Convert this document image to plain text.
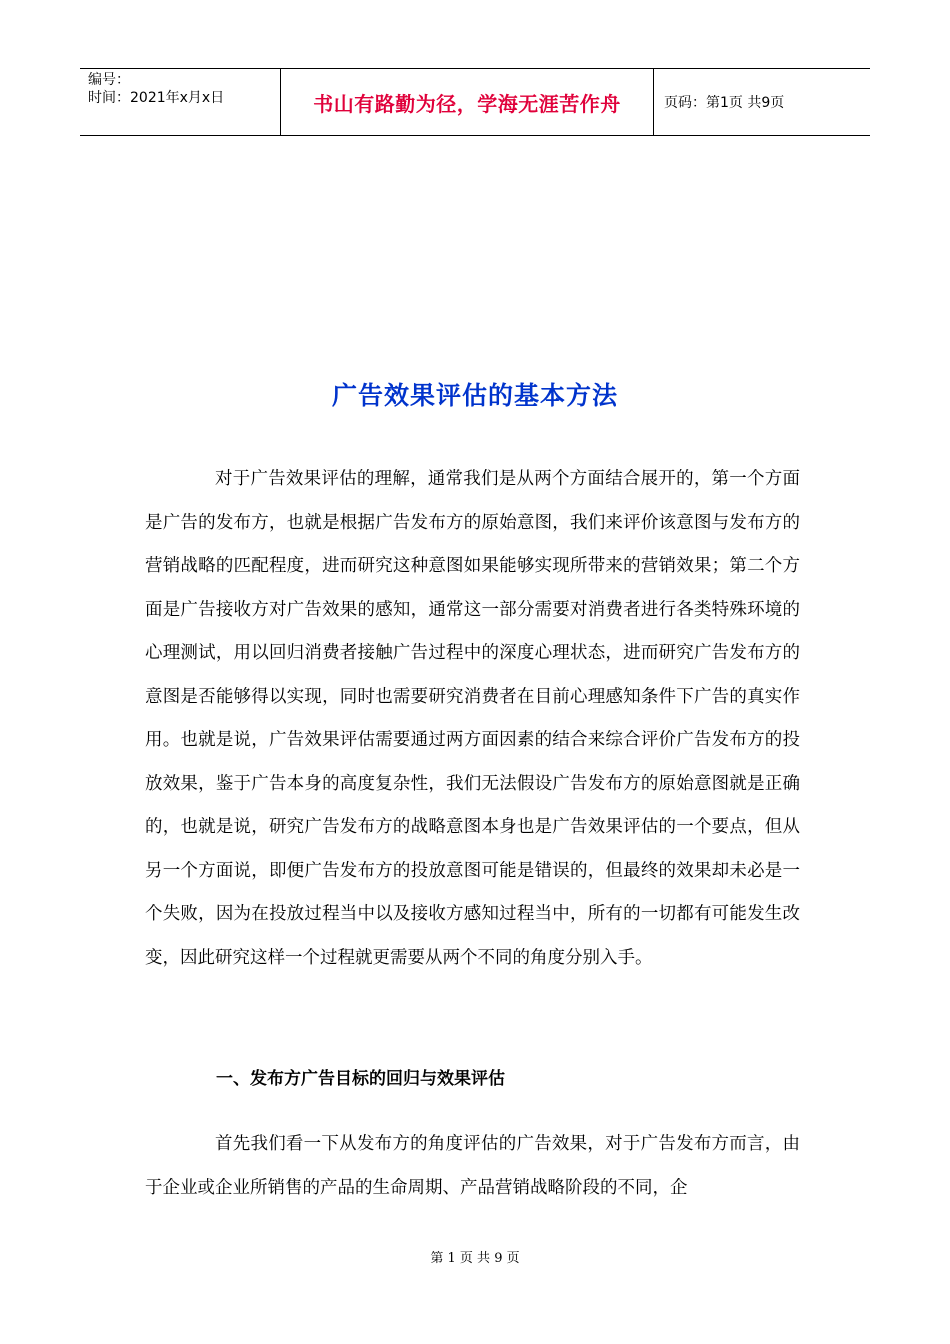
编号：
时间：2021年x月x日	书山有路勤为径，学海无涯苦作舟	页码：第1页 共9页
广告效果评估的基本方法

对于广告效果评估的理解，通常我们是从两个方面结合展开的，第一个方面是广告的发布方，也就是根据广告发布方的原始意图，我们来评价该意图与发布方的营销战略的匹配程度，进而研究这种意图如果能够实现所带来的营销效果；第二个方面是广告接收方对广告效果的感知，通常这一部分需要对消费者进行各类特殊环境的心理测试，用以回归消费者接触广告过程中的深度心理状态，进而研究广告发布方的意图是否能够得以实现，同时也需要研究消费者在目前心理感知条件下广告的真实作用。也就是说，广告效果评估需要通过两方面因素的结合来综合评价广告发布方的投放效果，鉴于广告本身的高度复杂性，我们无法假设广告发布方的原始意图就是正确的，也就是说，研究广告发布方的战略意图本身也是广告效果评估的一个要点，但从另一个方面说，即便广告发布方的投放意图可能是错误的，但最终的效果却未必是一个失败，因为在投放过程当中以及接收方感知过程当中，所有的一切都有可能发生改变，因此研究这样一个过程就更需要从两个不同的角度分别入手。

一、发布方广告目标的回归与效果评估

首先我们看一下从发布方的角度评估的广告效果，对于广告发布方而言，由于企业或企业所销售的产品的生命周期、产品营销战略阶段的不同，企

第 1 页 共 9 页
